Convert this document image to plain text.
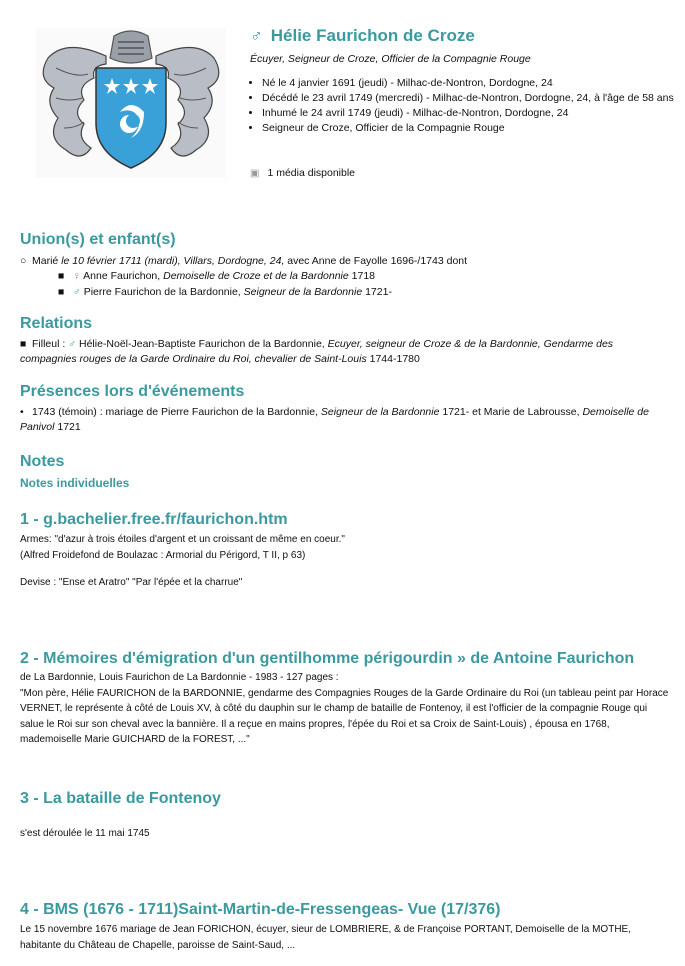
♂ Hélie Faurichon de Croze
Écuyer, Seigneur de Croze, Officier de la Compagnie Rouge
• Né le 4 janvier 1691 (jeudi) - Milhac-de-Nontron, Dordogne, 24
• Décédé le 23 avril 1749 (mercredi) - Milhac-de-Nontron, Dordogne, 24, à l'âge de 58 ans
• Inhumé le 24 avril 1749 (jeudi) - Milhac-de-Nontron, Dordogne, 24
• Seigneur de Croze, Officier de la Compagnie Rouge
▣ 1 média disponible
Union(s) et enfant(s)
○ Marié le 10 février 1711 (mardi), Villars, Dordogne, 24, avec Anne de Fayolle 1696-/1743 dont
■ ♀ Anne Faurichon, Demoiselle de Croze et de la Bardonnie 1718
■ ♂ Pierre Faurichon de la Bardonnie, Seigneur de la Bardonnie 1721-
Relations
■ Filleul : ♂ Hélie-Noël-Jean-Baptiste Faurichon de la Bardonnie, Ecuyer, seigneur de Croze & de la Bardonnie, Gendarme des compagnies rouges de la Garde Ordinaire du Roi, chevalier de Saint-Louis 1744-1780
Présences lors d'événements
• 1743 (témoin) : mariage de Pierre Faurichon de la Bardonnie, Seigneur de la Bardonnie 1721- et Marie de Labrousse, Demoiselle de Panivol 1721
Notes
Notes individuelles
1 - g.bachelier.free.fr/faurichon.htm
Armes: "d'azur à trois étoiles d'argent et un croissant de même en coeur."
(Alfred Froidefond de Boulazac : Armorial du Périgord, T II, p 63)
Devise : "Ense et Aratro" "Par l'épée et la charrue"
2 - Mémoires d'émigration d'un gentilhomme périgourdin » de Antoine Faurichon
de La Bardonnie, Louis Faurichon de La Bardonnie - 1983 - 127 pages :
"Mon père, Hélie FAURICHON de la BARDONNIE, gendarme des Compagnies Rouges de la Garde Ordinaire du Roi (un tableau peint par Horace VERNET, le représente à côté de Louis XV, à côté du dauphin sur le champ de bataille de Fontenoy, il est l'officier de la compagnie Rouge qui salue le Roi sur son cheval avec la bannière. Il a reçue en mains propres, l'épée du Roi et sa Croix de Saint-Louis) , épousa en 1768, mademoiselle Marie GUICHARD de la FOREST, ..."
3 - La bataille de Fontenoy
s'est déroulée le 11 mai 1745
4 - BMS (1676 - 1711)Saint-Martin-de-Fressengeas- Vue (17/376)
Le 15 novembre 1676 mariage de Jean FORICHON, écuyer, sieur de LOMBRIERE, & de Françoise PORTANT, Demoiselle de la MOTHE, habitante du Château de Chapelle, paroisse de Saint-Saud, ...
